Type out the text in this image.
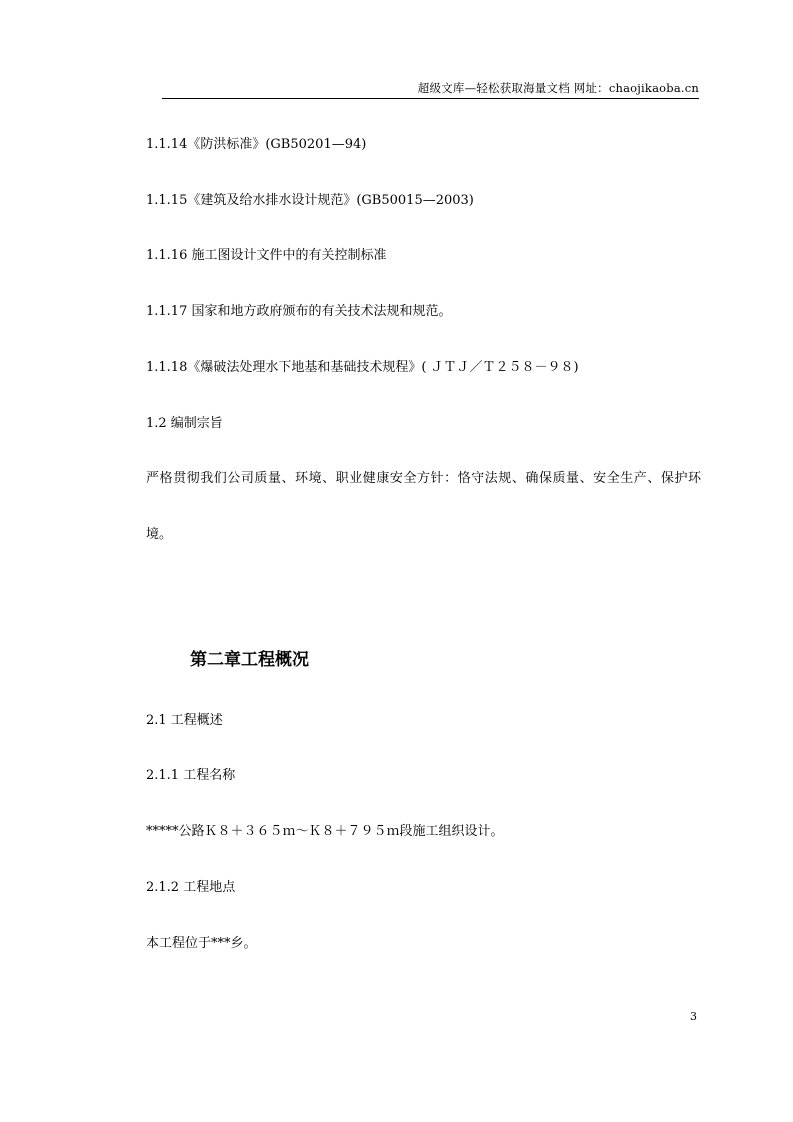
超级文库—轻松获取海量文档 网址：chaojikaoba.cn
1.1.14《防洪标准》(GB50201—94)
1.1.15《建筑及给水排水设计规范》(GB50015—2003)
1.1.16 施工图设计文件中的有关控制标准
1.1.17 国家和地方政府颁布的有关技术法规和规范。
1.1.18《爆破法处理水下地基和基础技术规程》( ＪＴＪ／Ｔ２５８－９８)
1.2 编制宗旨
严格贯彻我们公司质量、环境、职业健康安全方针：恪守法规、确保质量、安全生产、保护环
境。
第二章工程概况
2.1 工程概述
2.1.1 工程名称
*****公路Ｋ８＋３６５ｍ～Ｋ８＋７９５ｍ段施工组织设计。
2.1.2 工程地点
本工程位于***乡。
3
